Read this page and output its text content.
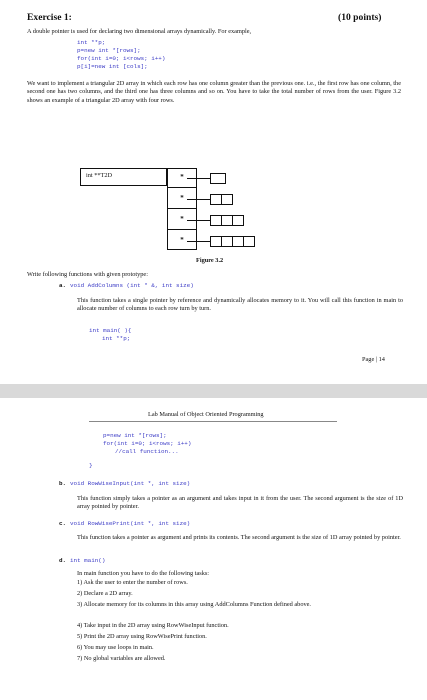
Exercise 1:	(10 points)
A double pointer is used for declaring two dimensional arrays dynamically. For example,
int **p;
p=new int *[rows];
for(int i=0; i<rows; i++)
p[i]=new int [cols];
We want to implement a triangular 2D array in which each row has one column greater than the previous one. i.e., the first row has one column, the second one has two columns, and the third one has three columns and so on. You have to take the total number of rows from the user. Figure 3.2 shows an example of a triangular 2D array with four rows.
int **T2D	*
*
*
*
Figure 3.2
Write following functions with given prototype:
a. void AddColumns (int * &, int size)
This function takes a single pointer by reference and dynamically allocates memory to it. You will call this function in main to allocate number of columns to each row turn by turn.
int main( ){
int **p;
Page | 14
Lab Manual of Object Oriented Programming
p=new int *[rows];
for(int i=0; i<rows; i++)
//call function...
}
b. void RowWiseInput(int *, int size)
This function simply takes a pointer as an argument and takes input in it from the user. The second argument is the size of 1D array pointed by pointer.
c. void RowWisePrint(int *, int size)
This function takes a pointer as argument and prints its contents. The second argument is the size of 1D array pointed by pointer.
d. int main()
In main function you have to do the following tasks:
1) Ask the user to enter the number of rows.
2) Declare a 2D array.
3) Allocate memory for its columns in this array using AddColumns Function defined above.
4) Take input in the 2D array using RowWiseInput function.
5) Print the 2D array using RowWisePrint function.
6) You may use loops in main.
7) No global variables are allowed.
